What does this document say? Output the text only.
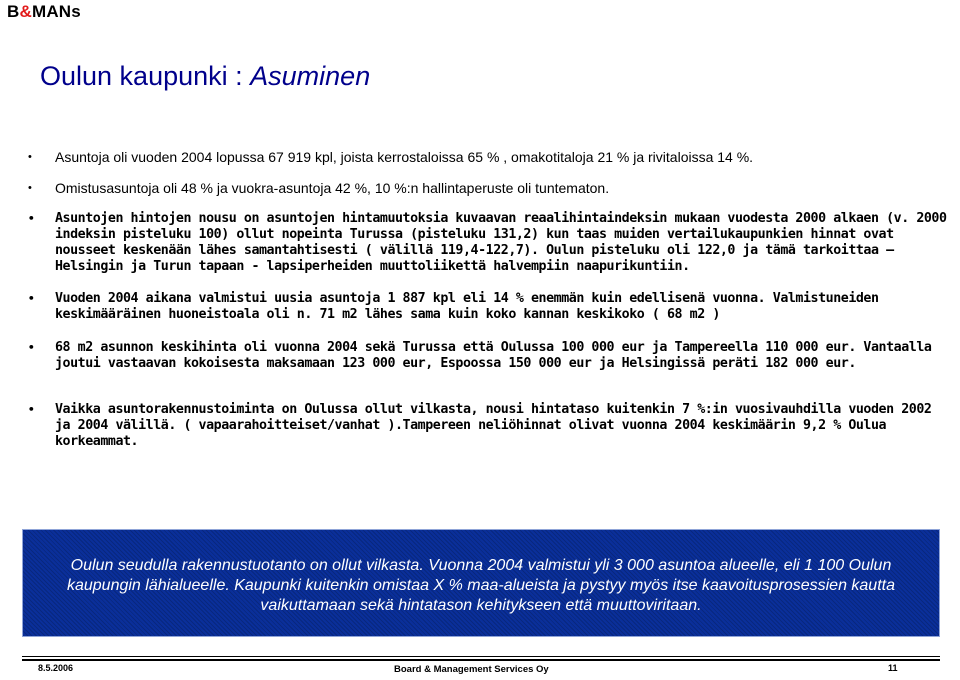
B&MANs
Oulun kaupunki : Asuminen
• Asuntoja oli vuoden 2004 lopussa 67 919 kpl, joista kerrostaloissa 65 % , omakotitaloja 21 % ja rivitaloissa 14 %.
• Omistusasuntoja oli 48 % ja vuokra-asuntoja 42 %, 10 %:n hallintaperuste oli tuntematon.
• Asuntojen hintojen nousu on asuntojen hintamuutoksia kuvaavan reaalihintaindeksin mukaan vuodesta 2000 alkaen (v. 2000 indeksin pisteluku 100) ollut nopeinta Turussa (pisteluku 131,2) kun taas muiden vertailukaupunkien hinnat ovat nousseet keskenään lähes samantahtisesti ( välillä 119,4-122,7). Oulun pisteluku oli 122,0 ja tämä tarkoittaa – Helsingin ja Turun tapaan - lapsiperheiden muuttoliikettä halvempiin naapurikuntiin.
• Vuoden 2004 aikana valmistui uusia asuntoja 1 887 kpl eli 14 % enemmän kuin edellisenä vuonna. Valmistuneiden keskimääräinen huoneistoala oli n. 71 m2 lähes sama kuin koko kannan keskikoko ( 68 m2 )
• 68 m2 asunnon keskihinta oli vuonna 2004 sekä Turussa että Oulussa 100 000 eur ja Tampereella 110 000 eur. Vantaalla joutui vastaavan kokoisesta maksamaan 123 000 eur, Espoossa 150 000 eur ja Helsingissä peräti 182 000 eur.
• Vaikka asuntorakennustoiminta on Oulussa ollut vilkasta, nousi hintataso kuitenkin 7 %:in vuosivauhdilla vuoden 2002 ja 2004 välillä. ( vapaarahoitteiset/vanhat ).Tampereen neliöhinnat olivat vuonna 2004 keskimäärin 9,2 % Oulua korkeammat.

Oulun seudulla rakennustuotanto on ollut vilkasta. Vuonna 2004 valmistui yli 3 000 asuntoa alueelle, eli 1 100 Oulun kaupungin lähialueelle. Kaupunki kuitenkin omistaa X % maa-alueista ja pystyy myös itse kaavoitusprosessien kautta vaikuttamaan sekä hintatason kehitykseen että muuttoviritaan.

8.5.2006	Board & Management Services Oy	11
